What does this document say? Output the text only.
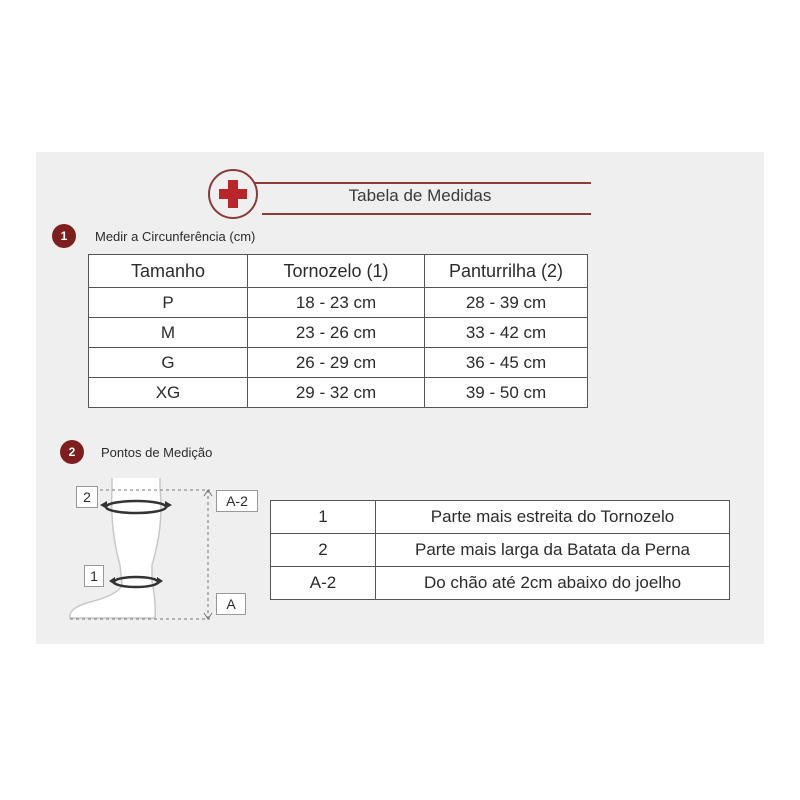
Tabela de Medidas
1	Medir a Circunferência (cm)
Tamanho	Tornozelo (1)	Panturrilha (2)
P	18 - 23 cm	28 - 39 cm
M	23 - 26 cm	33 - 42 cm
G	26 - 29 cm	36 - 45 cm
XG	29 - 32 cm	39 - 50 cm
2	Pontos de Medição
2
1
A-2
A
1	Parte mais estreita do Tornozelo
2	Parte mais larga da Batata da Perna
A-2	Do chão até 2cm abaixo do joelho
